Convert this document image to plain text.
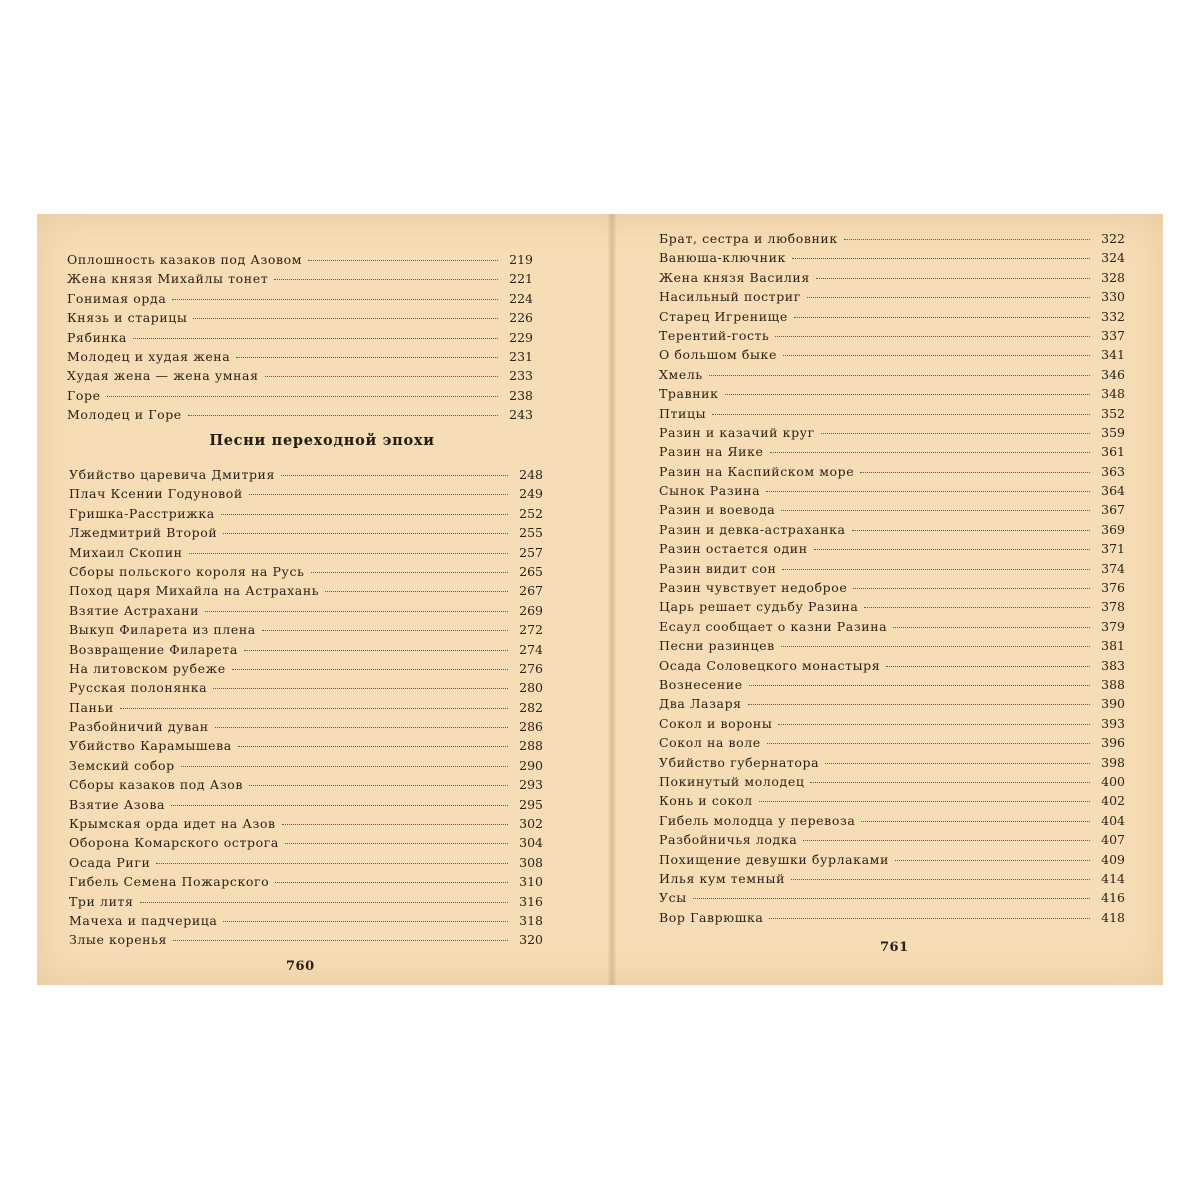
Оплошность казаков под Азовом	219
Жена князя Михайлы тонет	221
Гонимая орда	224
Князь и старицы	226
Рябинка	229
Молодец и худая жена	231
Худая жена — жена умная	233
Горе	238
Молодец и Горе	243
Песни переходной эпохи
Убийство царевича Дмитрия	248
Плач Ксении Годуновой	249
Гришка-Расстрижка	252
Лжедмитрий Второй	255
Михаил Скопин	257
Сборы польского короля на Русь	265
Поход царя Михайла на Астрахань	267
Взятие Астрахани	269
Выкуп Филарета из плена	272
Возвращение Филарета	274
На литовском рубеже	276
Русская полонянка	280
Паньи	282
Разбойничий дуван	286
Убийство Карамышева	288
Земский собор	290
Сборы казаков под Азов	293
Взятие Азова	295
Крымская орда идет на Азов	302
Оборона Комарского острога	304
Осада Риги	308
Гибель Семена Пожарского	310
Три литя	316
Мачеха и падчерица	318
Злые коренья	320
760
Брат, сестра и любовник	322
Ванюша-ключник	324
Жена князя Василия	328
Насильный постриг	330
Старец Игренище	332
Терентий-гость	337
О большом быке	341
Хмель	346
Травник	348
Птицы	352
Разин и казачий круг	359
Разин на Яике	361
Разин на Каспийском море	363
Сынок Разина	364
Разин и воевода	367
Разин и девка-астраханка	369
Разин остается один	371
Разин видит сон	374
Разин чувствует недоброе	376
Царь решает судьбу Разина	378
Есаул сообщает о казни Разина	379
Песни разинцев	381
Осада Соловецкого монастыря	383
Вознесение	388
Два Лазаря	390
Сокол и вороны	393
Сокол на воле	396
Убийство губернатора	398
Покинутый молодец	400
Конь и сокол	402
Гибель молодца у перевоза	404
Разбойничья лодка	407
Похищение девушки бурлаками	409
Илья кум темный	414
Усы	416
Вор Гаврюшка	418
761
